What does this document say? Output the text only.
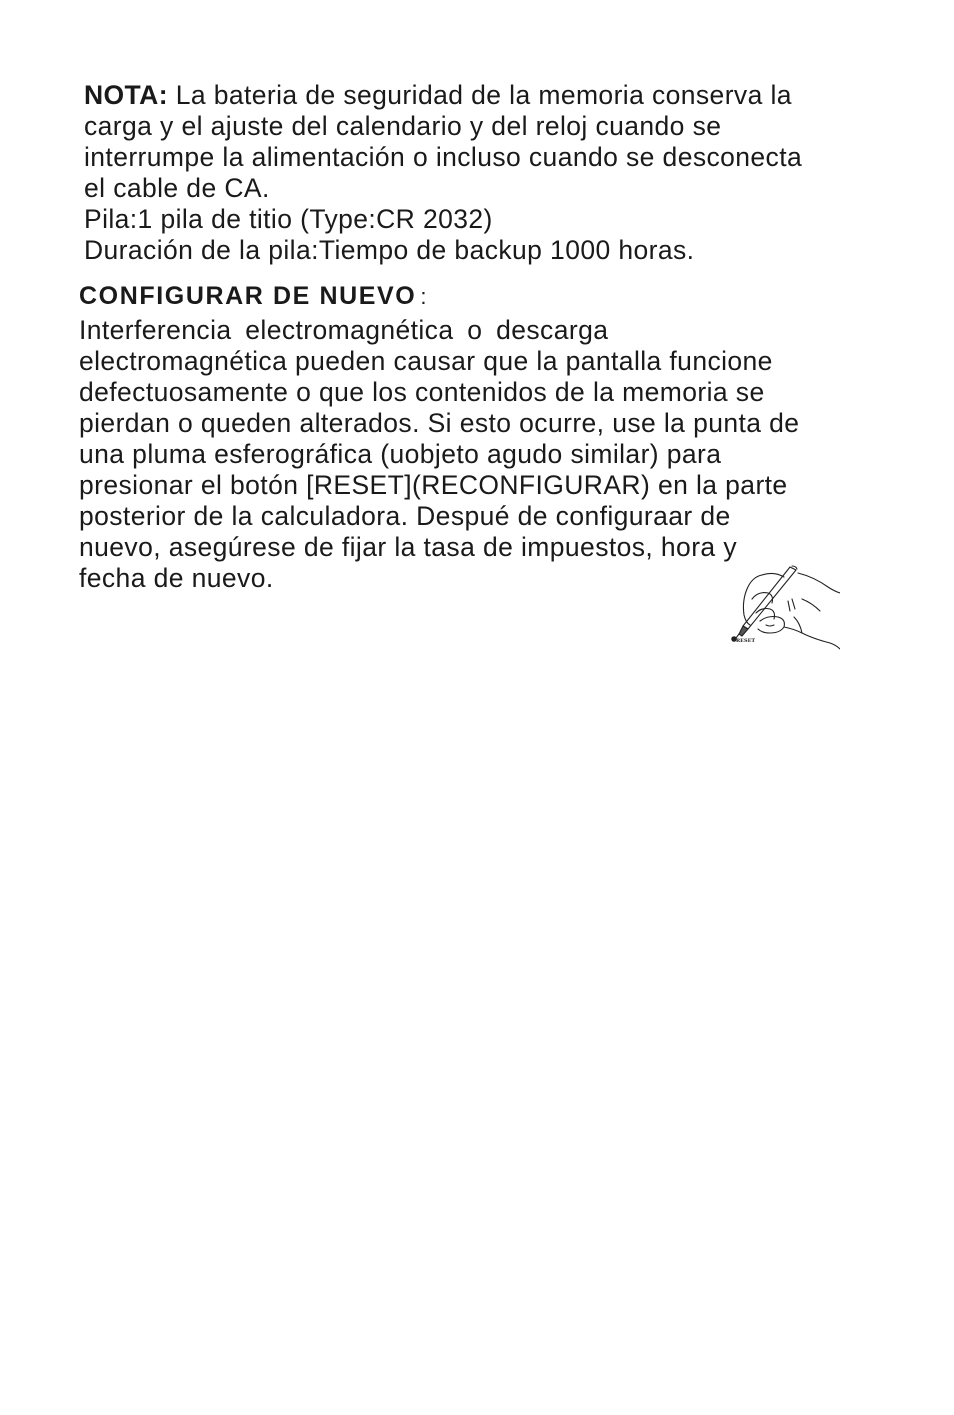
NOTA: La bateria de seguridad de la memoria conserva la
carga y el ajuste del calendario y del reloj cuando se
interrumpe la alimentación o incluso cuando se desconecta
el cable de CA.
Pila:1 pila de titio (Type:CR 2032)
Duración de la pila:Tiempo de backup 1000 horas.
CONFIGURAR DE NUEVO :
Interferencia electromagnética o descarga
electromagnética pueden causar que la pantalla funcione
defectuosamente o que los contenidos de la memoria se
pierdan o queden alterados. Si esto ocurre, use la punta de
una pluma esferográfica (uobjeto agudo similar) para
presionar el botón [RESET](RECONFIGURAR) en la parte
posterior de la calculadora. Despué de configuraar de
nuevo, asegúrese de fijar la tasa de impuestos, hora y
fecha de nuevo.
RESET
